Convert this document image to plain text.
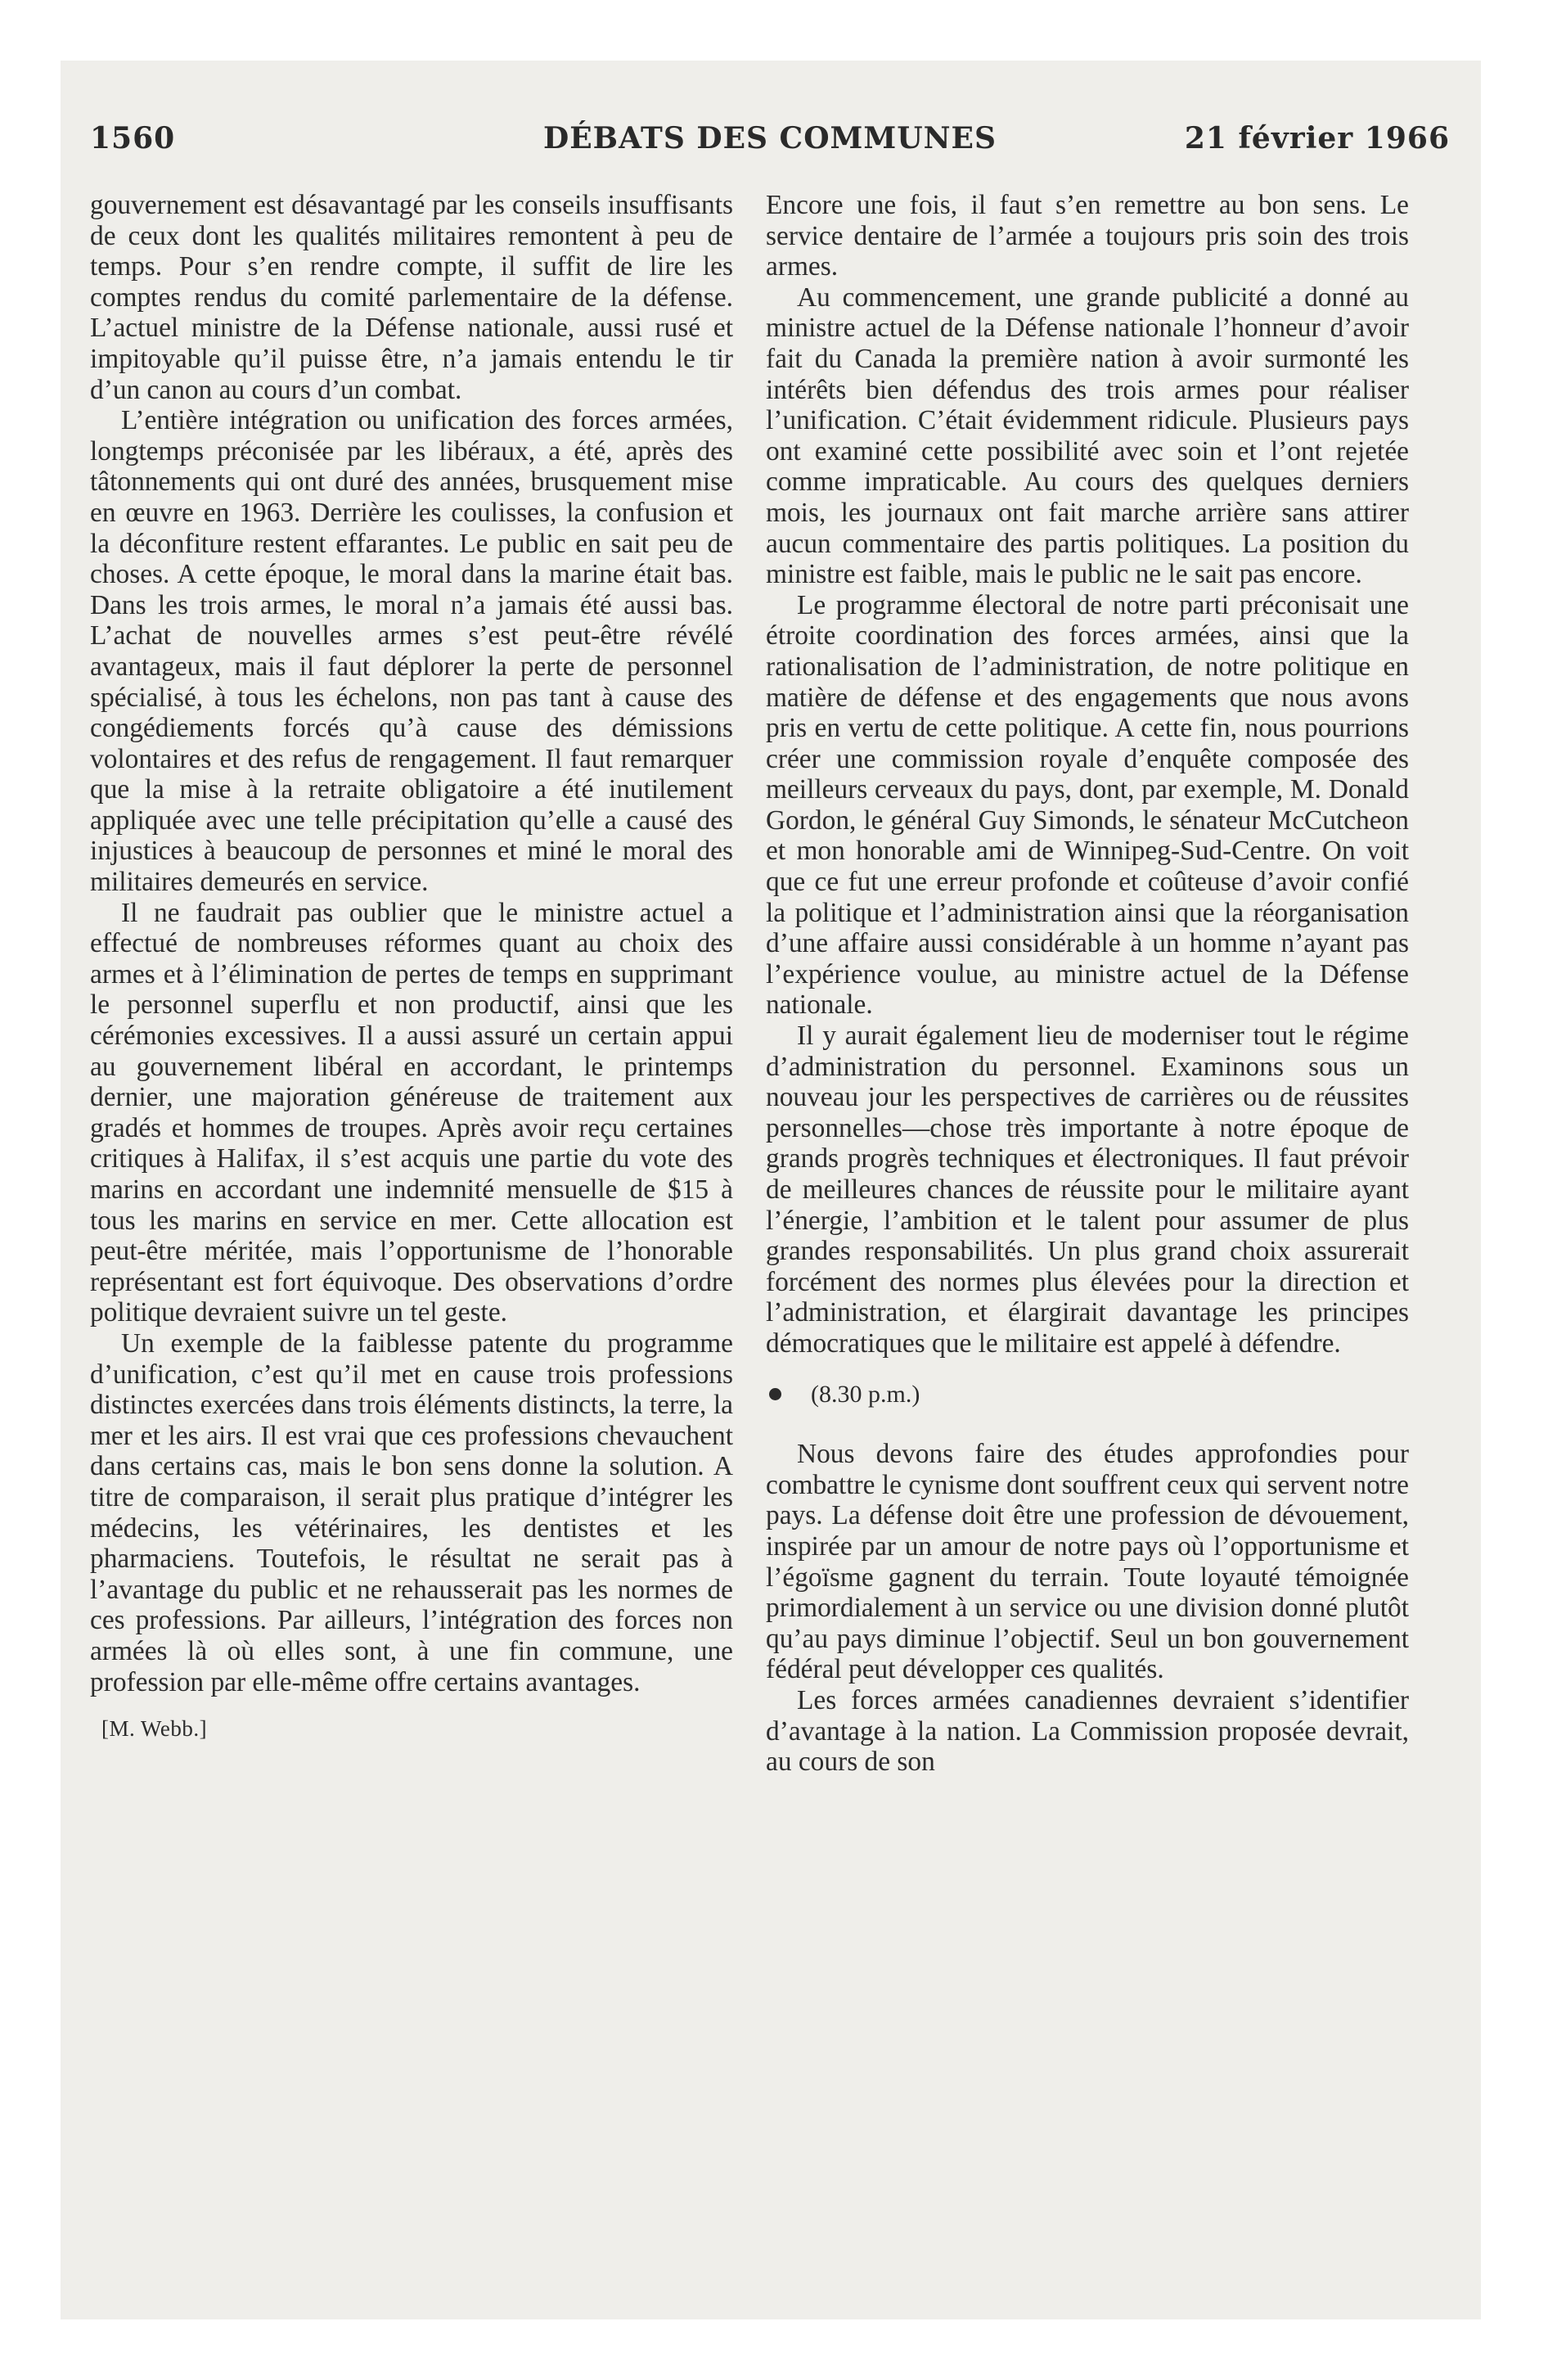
1560	DÉBATS DES COMMUNES	21 février 1966

gouvernement est désavantagé par les conseils insuffisants de ceux dont les qualités militaires remontent à peu de temps. Pour s’en rendre compte, il suffit de lire les comptes rendus du comité parlementaire de la défense. L’actuel ministre de la Défense nationale, aussi rusé et impitoyable qu’il puisse être, n’a jamais entendu le tir d’un canon au cours d’un combat.

L’entière intégration ou unification des forces armées, longtemps préconisée par les libéraux, a été, après des tâtonnements qui ont duré des années, brusquement mise en œuvre en 1963. Derrière les coulisses, la confusion et la déconfiture restent effarantes. Le public en sait peu de choses. A cette époque, le moral dans la marine était bas. Dans les trois armes, le moral n’a jamais été aussi bas. L’achat de nouvelles armes s’est peut-être révélé avantageux, mais il faut déplorer la perte de personnel spécialisé, à tous les échelons, non pas tant à cause des congédiements forcés qu’à cause des démissions volontaires et des refus de rengagement. Il faut remarquer que la mise à la retraite obligatoire a été inutilement appliquée avec une telle précipitation qu’elle a causé des injustices à beaucoup de personnes et miné le moral des militaires demeurés en service.

Il ne faudrait pas oublier que le ministre actuel a effectué de nombreuses réformes quant au choix des armes et à l’élimination de pertes de temps en supprimant le personnel superflu et non productif, ainsi que les cérémonies excessives. Il a aussi assuré un certain appui au gouvernement libéral en accordant, le printemps dernier, une majoration généreuse de traitement aux gradés et hommes de troupes. Après avoir reçu certaines critiques à Halifax, il s’est acquis une partie du vote des marins en accordant une indemnité mensuelle de $15 à tous les marins en service en mer. Cette allocation est peut-être méritée, mais l’opportunisme de l’honorable représentant est fort équivoque. Des observations d’ordre politique devraient suivre un tel geste.

Un exemple de la faiblesse patente du programme d’unification, c’est qu’il met en cause trois professions distinctes exercées dans trois éléments distincts, la terre, la mer et les airs. Il est vrai que ces professions chevauchent dans certains cas, mais le bon sens donne la solution. A titre de comparaison, il serait plus pratique d’intégrer les médecins, les vétérinaires, les dentistes et les pharmaciens. Toutefois, le résultat ne serait pas à l’avantage du public et ne rehausserait pas les normes de ces professions. Par ailleurs, l’intégration des forces non armées là où elles sont, à une fin commune, une profession par elle-même offre certains avantages.

[M. Webb.]

Encore une fois, il faut s’en remettre au bon sens. Le service dentaire de l’armée a toujours pris soin des trois armes.

Au commencement, une grande publicité a donné au ministre actuel de la Défense nationale l’honneur d’avoir fait du Canada la première nation à avoir surmonté les intérêts bien défendus des trois armes pour réaliser l’unification. C’était évidemment ridicule. Plusieurs pays ont examiné cette possibilité avec soin et l’ont rejetée comme impraticable. Au cours des quelques derniers mois, les journaux ont fait marche arrière sans attirer aucun commentaire des partis politiques. La position du ministre est faible, mais le public ne le sait pas encore.

Le programme électoral de notre parti préconisait une étroite coordination des forces armées, ainsi que la rationalisation de l’administration, de notre politique en matière de défense et des engagements que nous avons pris en vertu de cette politique. A cette fin, nous pourrions créer une commission royale d’enquête composée des meilleurs cerveaux du pays, dont, par exemple, M. Donald Gordon, le général Guy Simonds, le sénateur McCutcheon et mon honorable ami de Winnipeg-Sud-Centre. On voit que ce fut une erreur profonde et coûteuse d’avoir confié la politique et l’administration ainsi que la réorganisation d’une affaire aussi considérable à un homme n’ayant pas l’expérience voulue, au ministre actuel de la Défense nationale.

Il y aurait également lieu de moderniser tout le régime d’administration du personnel. Examinons sous un nouveau jour les perspectives de carrières ou de réussites personnelles—chose très importante à notre époque de grands progrès techniques et électroniques. Il faut prévoir de meilleures chances de réussite pour le militaire ayant l’énergie, l’ambition et le talent pour assumer de plus grandes responsabilités. Un plus grand choix assurerait forcément des normes plus élevées pour la direction et l’administration, et élargirait davantage les principes démocratiques que le militaire est appelé à défendre.

(8.30 p.m.)

Nous devons faire des études approfondies pour combattre le cynisme dont souffrent ceux qui servent notre pays. La défense doit être une profession de dévouement, inspirée par un amour de notre pays où l’opportunisme et l’égoïsme gagnent du terrain. Toute loyauté témoignée primordialement à un service ou une division donné plutôt qu’au pays diminue l’objectif. Seul un bon gouvernement fédéral peut développer ces qualités.

Les forces armées canadiennes devraient s’identifier d’avantage à la nation. La Commission proposée devrait, au cours de son
